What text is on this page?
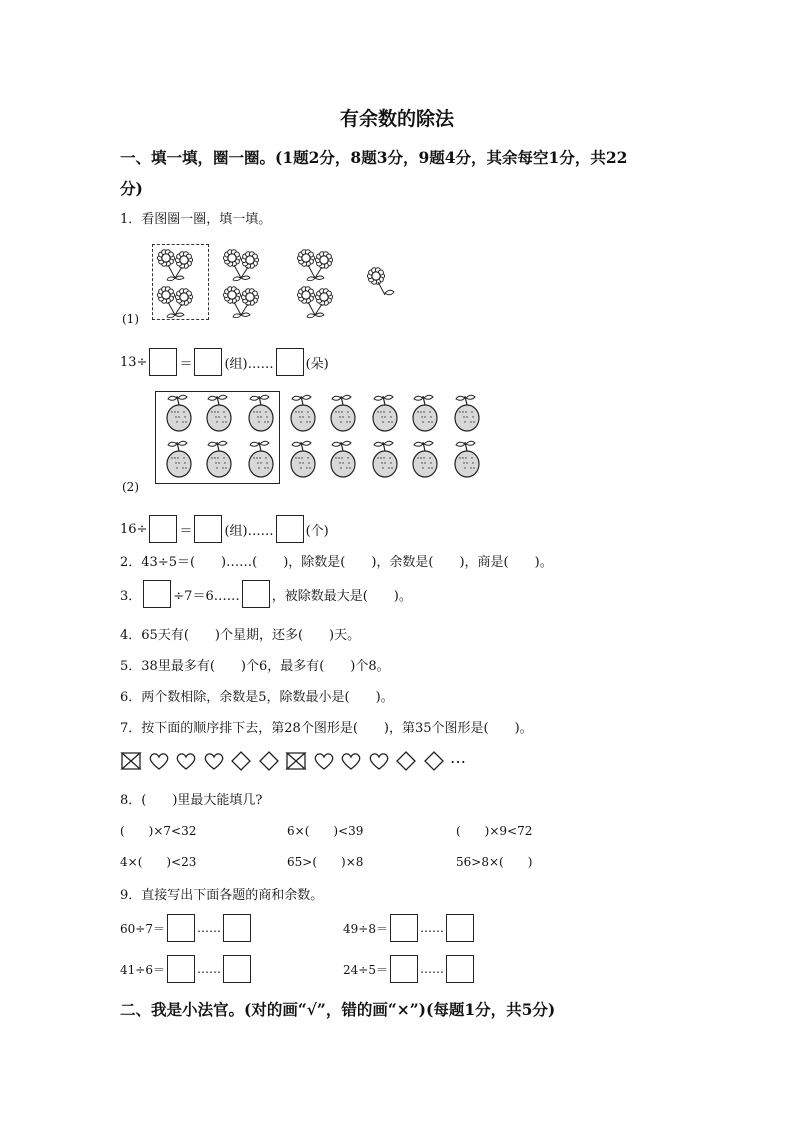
有余数的除法
一、填一填，圈一圈。(1题2分，8题3分，9题4分，其余每空1分，共22
分)
1．看图圈一圈，填一填。
(1)
13÷ ＝ (组)…… (朵)
(2)
16÷ ＝ (组)…… (个)
2．43÷5＝(　　)……(　　)，除数是(　　)，余数是(　　)，商是(　　)。
3． ÷7＝6…… ，被除数最大是(　　)。
4．65天有(　　)个星期，还多(　　)天。
5．38里最多有(　　)个6，最多有(　　)个8。
6．两个数相除，余数是5，除数最小是(　　)。
7．按下面的顺序排下去，第28个图形是(　　)，第35个图形是(　　)。
…
8．(　　)里最大能填几?
(　　)×7<32	6×(　　)<39	(　　)×9<72
4×(　　)<23	65>(　　)×8	56>8×(　　)
9．直接写出下面各题的商和余数。
60÷7＝	……	49÷8＝	……
41÷6＝	……	24÷5＝	……
二、我是小法官。(对的画“√”，错的画“×”)(每题1分，共5分)
